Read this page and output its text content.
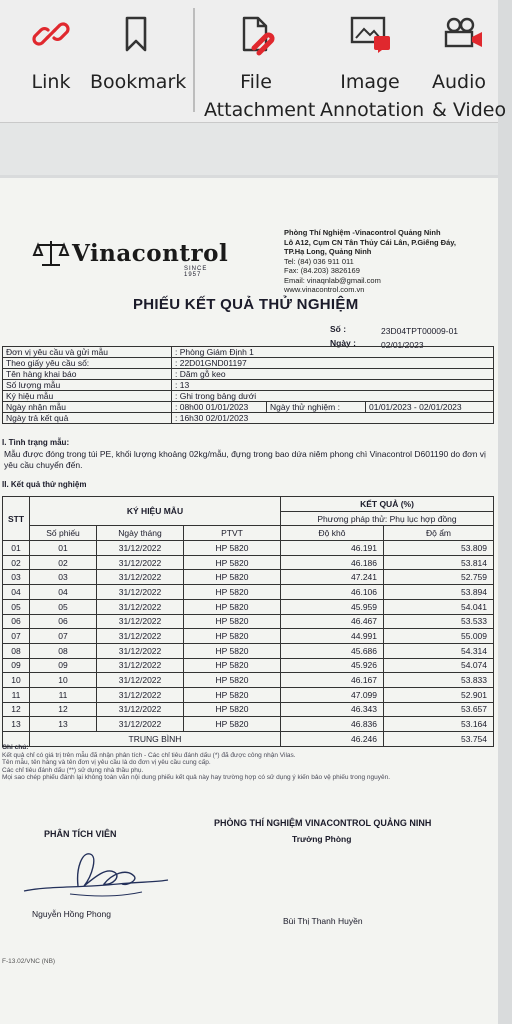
Link	Bookmark	File
Attachment
Image
Annotation
Audio
& Video
Vinacontrol
SINCE 1957
Phòng Thí Nghiệm -Vinacontrol Quảng Ninh
Lô A12, Cụm CN Tân Thủy Cái Lân, P.Giếng Đáy,
TP.Hạ Long, Quảng Ninh
Tel: (84) 036 911 011
Fax: (84.203) 3826169
Email: vinaqnlab@gmail.com
www.vinacontrol.com.vn
PHIẾU KẾT QUẢ THỬ NGHIỆM
Số :	23D04TPT00009-01
Ngày :	02/01/2023
Đơn vị yêu cầu và gửi mẫu	: Phòng Giám Định 1		
Theo giấy yêu cầu số:	: 22D01GND01197		
Tên hàng khai báo	: Dăm gỗ keo		
Số lượng mẫu	: 13		
Ký hiệu mẫu	: Ghi trong bảng dưới		
Ngày nhận mẫu	: 08h00 01/01/2023	Ngày thử nghiệm :	01/01/2023 - 02/01/2023
Ngày trả kết quả	: 16h30 02/01/2023		
I. Tình trạng mẫu:
Mẫu được đóng trong túi PE, khối lượng khoảng 02kg/mẫu, đựng trong bao dứa niêm phong chì Vinacontrol D601190 do đơn vị yêu cầu chuyển đến.
II. Kết quả thử nghiệm
STT	KÝ HIỆU MẪU			KẾT QUẢ (%)	
				Phương pháp thử: Phụ lục hợp đồng	
	Số phiếu	Ngày tháng	PTVT	Độ khô	Độ ẩm
01	01	31/12/2022	HP 5820	46.191	53.809
02	02	31/12/2022	HP 5820	46.186	53.814
03	03	31/12/2022	HP 5820	47.241	52.759
04	04	31/12/2022	HP 5820	46.106	53.894
05	05	31/12/2022	HP 5820	45.959	54.041
06	06	31/12/2022	HP 5820	46.467	53.533
07	07	31/12/2022	HP 5820	44.991	55.009
08	08	31/12/2022	HP 5820	45.686	54.314
09	09	31/12/2022	HP 5820	45.926	54.074
10	10	31/12/2022	HP 5820	46.167	53.833
11	11	31/12/2022	HP 5820	47.099	52.901
12	12	31/12/2022	HP 5820	46.343	53.657
13	13	31/12/2022	HP 5820	46.836	53.164
	TRUNG BÌNH			46.246	53.754
Ghi chú:
Kết quả chỉ có giá trị trên mẫu đã nhận phân tích - Các chỉ tiêu đánh dấu (*) đã được công nhận Vilas.
Tên mẫu, tên hàng và tên đơn vị yêu cầu là do đơn vị yêu cầu cung cấp.
Các chỉ tiêu đánh dấu (**) sử dụng nhà thầu phụ.
Mọi sao chép phiếu đánh lại không toàn văn nội dung phiếu kết quả này hay trường hợp có sử dụng ý kiến bảo vệ phiếu trong nguyên.
PHÂN TÍCH VIÊN
PHÒNG THÍ NGHIỆM VINACONTROL QUẢNG NINH
Trưởng Phòng
Nguyễn Hồng Phong
Bùi Thị Thanh Huyền
F-13.02/VNC (NB)
